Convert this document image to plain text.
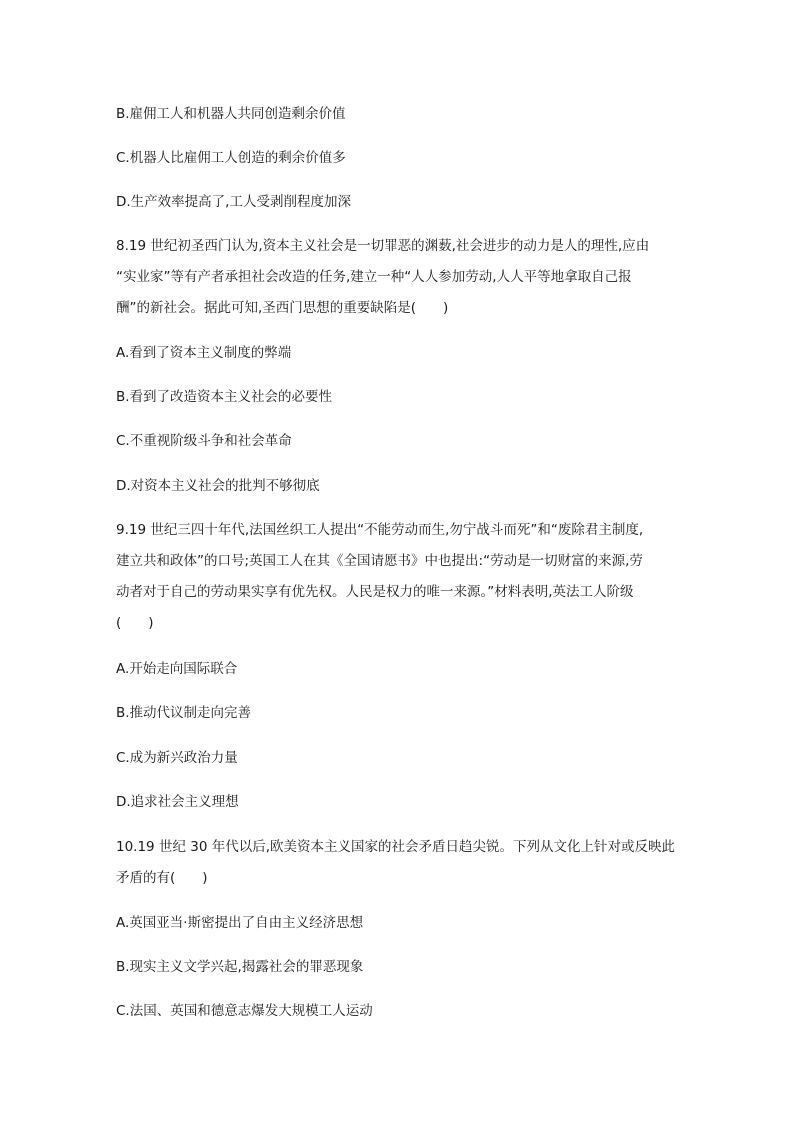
B.雇佣工人和机器人共同创造剩余价值

C.机器人比雇佣工人创造的剩余价值多

D.生产效率提高了,工人受剥削程度加深

8.19 世纪初圣西门认为,资本主义社会是一切罪恶的渊薮,社会进步的动力是人的理性,应由

“实业家”等有产者承担社会改造的任务,建立一种“人人参加劳动,人人平等地拿取自己报

酬”的新社会。据此可知,圣西门思想的重要缺陷是(　　)

A.看到了资本主义制度的弊端

B.看到了改造资本主义社会的必要性

C.不重视阶级斗争和社会革命

D.对资本主义社会的批判不够彻底

9.19 世纪三四十年代,法国丝织工人提出“不能劳动而生,勿宁战斗而死”和“废除君主制度,

建立共和政体”的口号;英国工人在其《全国请愿书》中也提出:“劳动是一切财富的来源,劳

动者对于自己的劳动果实享有优先权。人民是权力的唯一来源。”材料表明,英法工人阶级

(　　)

A.开始走向国际联合

B.推动代议制走向完善

C.成为新兴政治力量

D.追求社会主义理想

10.19 世纪 30 年代以后,欧美资本主义国家的社会矛盾日趋尖锐。下列从文化上针对或反映此

矛盾的有(　　)

A.英国亚当·斯密提出了自由主义经济思想

B.现实主义文学兴起,揭露社会的罪恶现象

C.法国、英国和德意志爆发大规模工人运动
